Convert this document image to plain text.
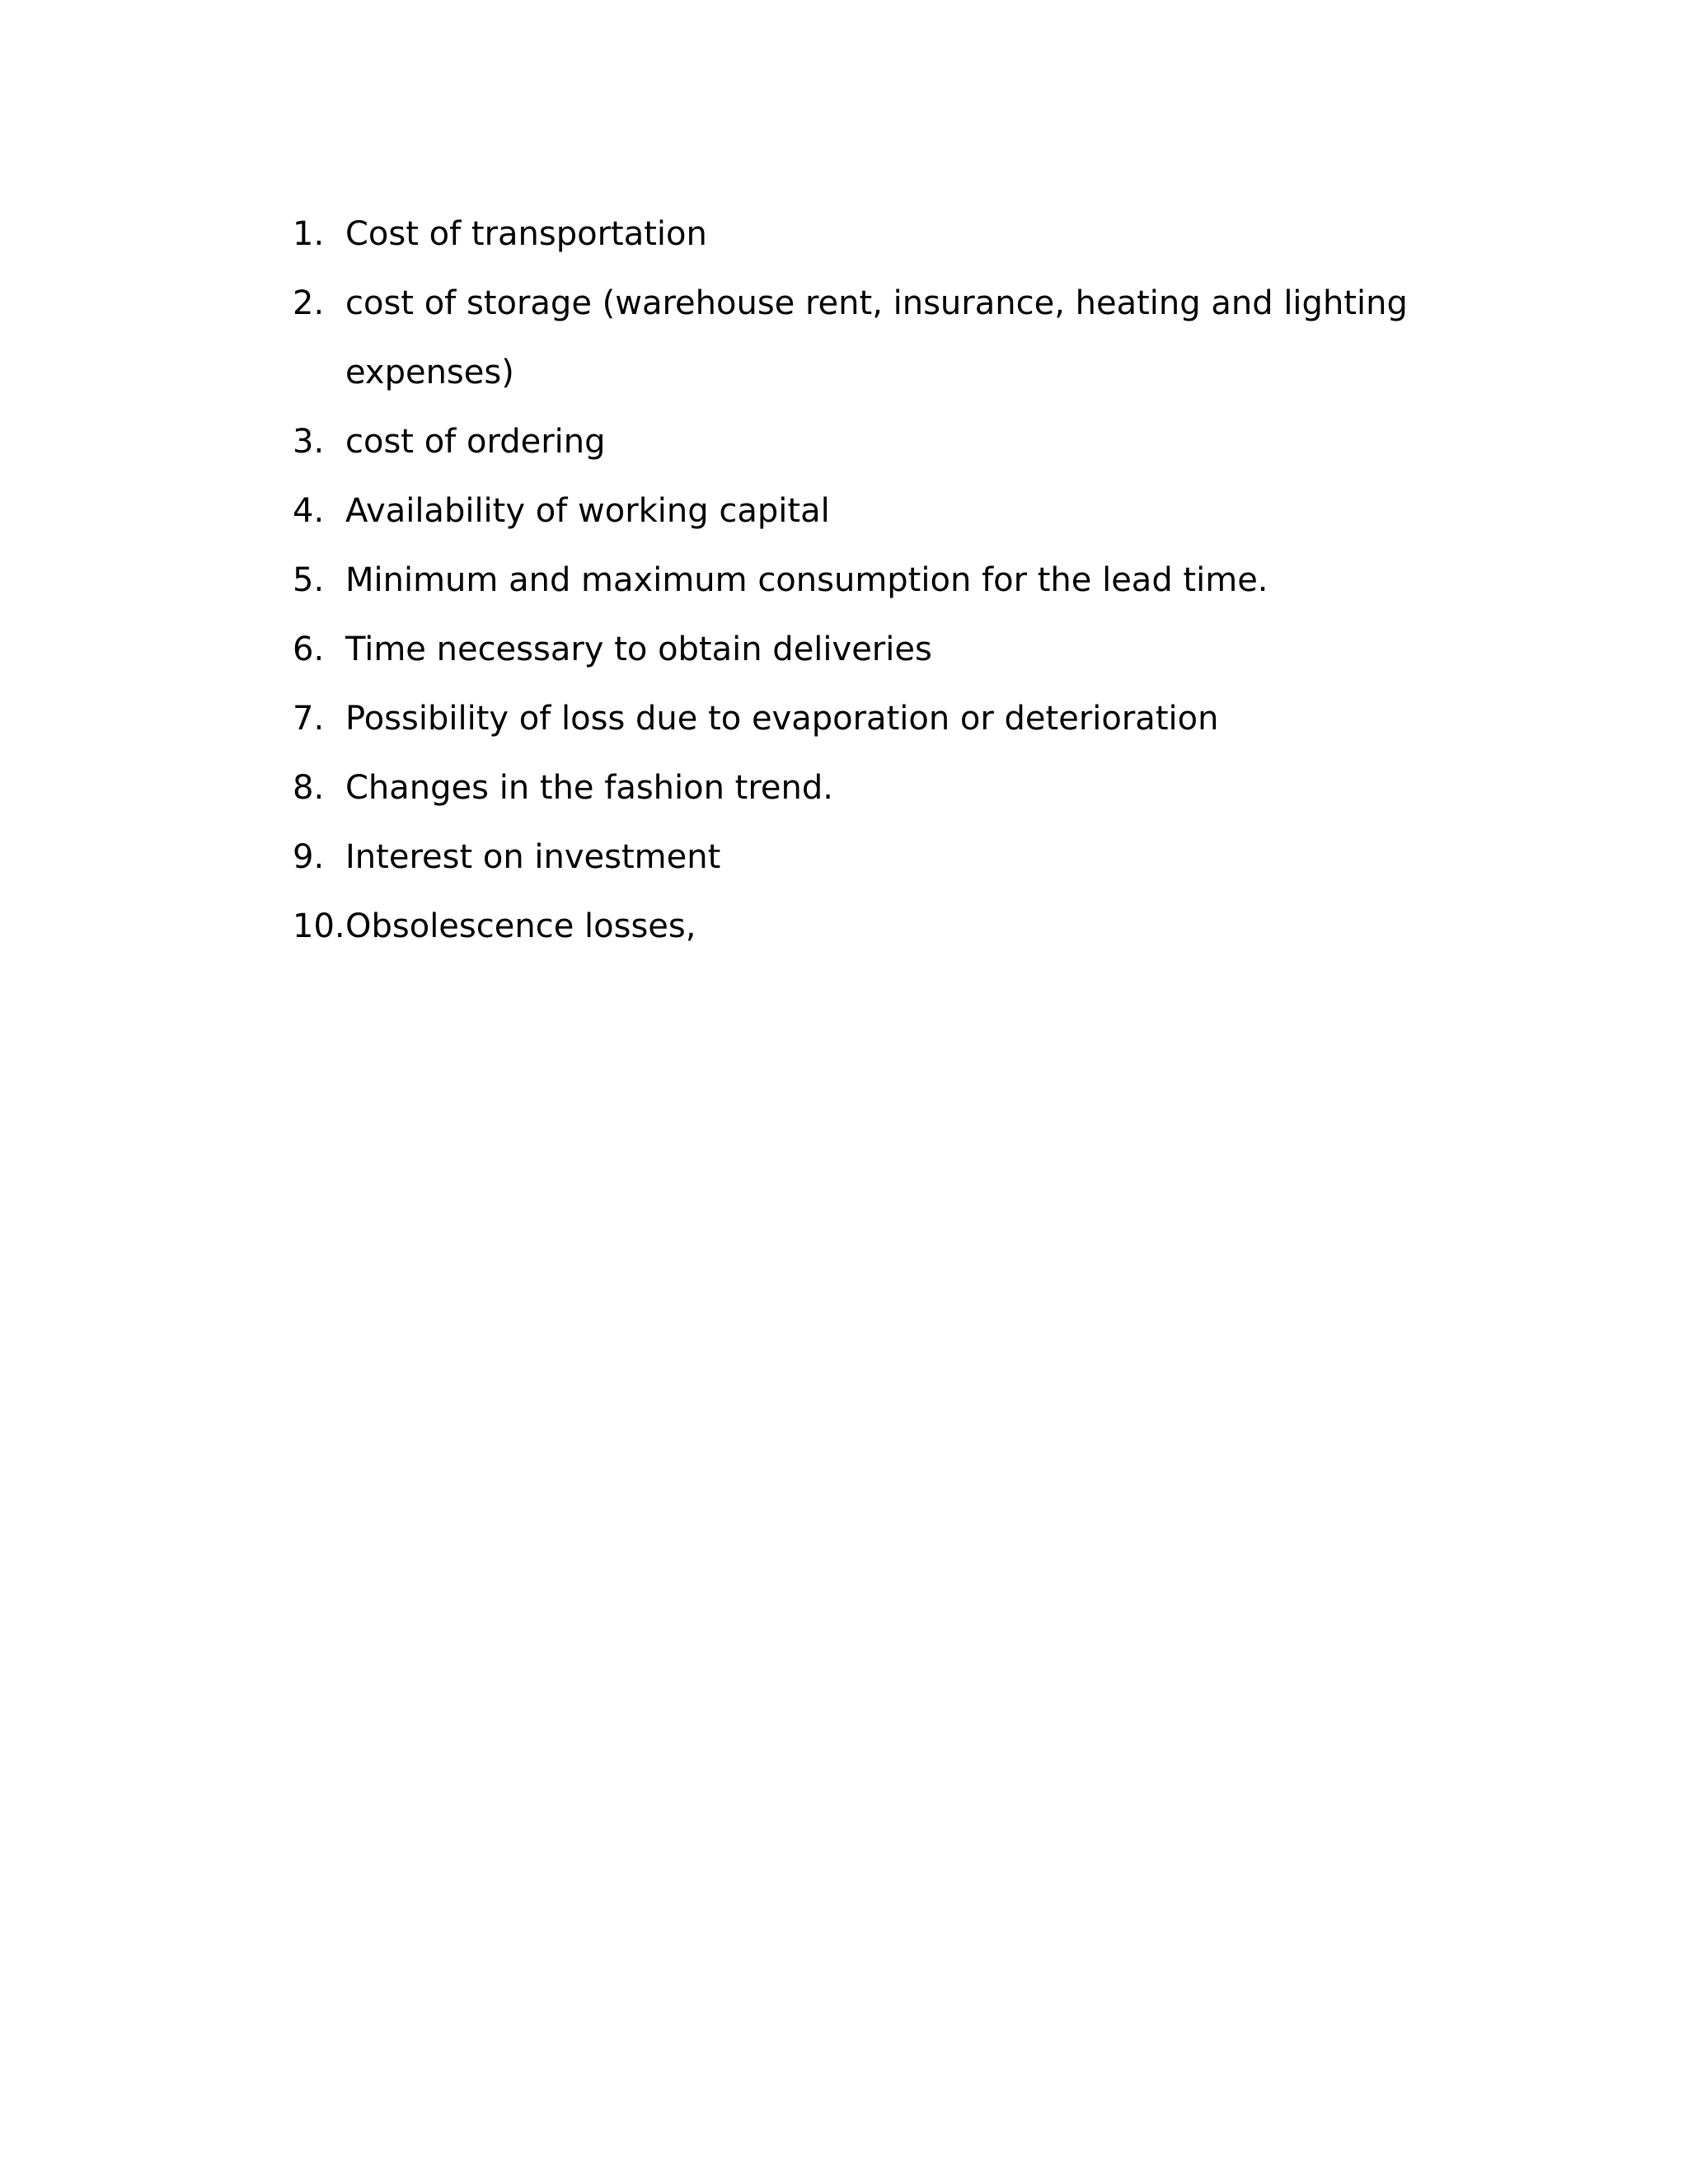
1. Cost of transportation
2. cost of storage (warehouse rent, insurance, heating and lighting
expenses)
3. cost of ordering
4. Availability of working capital
5. Minimum and maximum consumption for the lead time.
6. Time necessary to obtain deliveries
7. Possibility of loss due to evaporation or deterioration
8. Changes in the fashion trend.
9. Interest on investment
10. Obsolescence losses,
